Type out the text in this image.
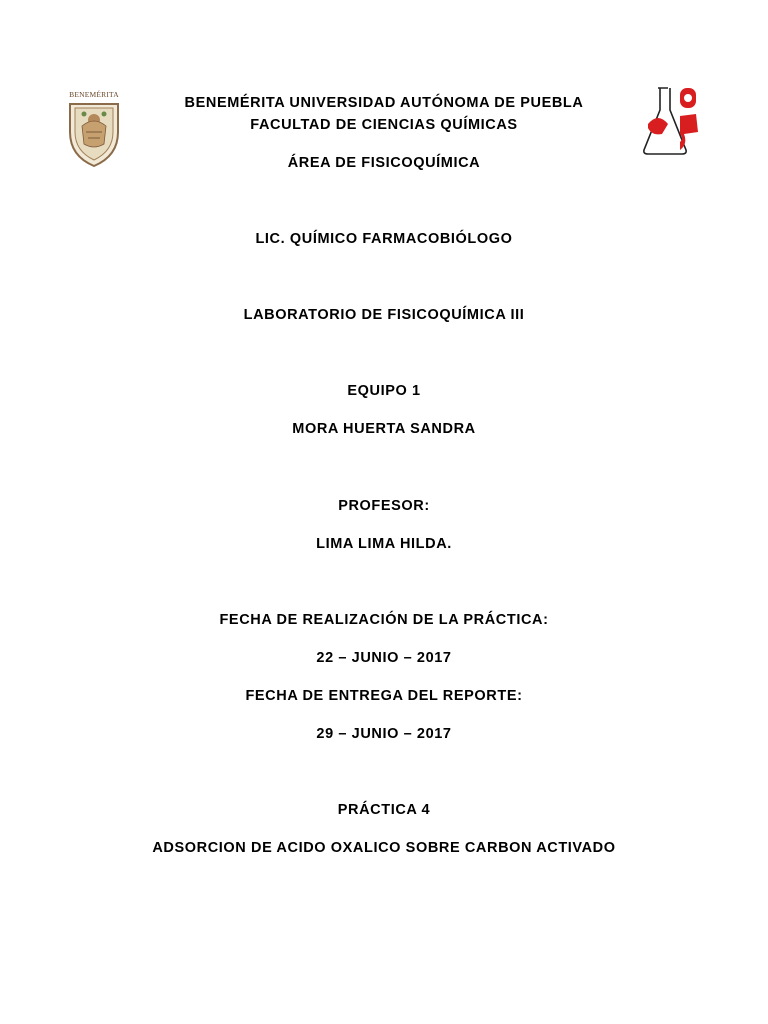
BENEMÉRITA
BENEMÉRITA UNIVERSIDAD AUTÓNOMA DE PUEBLA
FACULTAD DE CIENCIAS QUÍMICAS
ÁREA DE FISICOQUÍMICA
LIC. QUÍMICO FARMACOBIÓLOGO
LABORATORIO DE FISICOQUÍMICA III
EQUIPO 1
MORA HUERTA SANDRA
PROFESOR:
LIMA LIMA HILDA.
FECHA DE REALIZACIÓN DE LA PRÁCTICA:
22 – JUNIO – 2017
FECHA DE ENTREGA DEL REPORTE:
29 – JUNIO – 2017
PRÁCTICA 4
ADSORCION DE ACIDO OXALICO SOBRE CARBON ACTIVADO
